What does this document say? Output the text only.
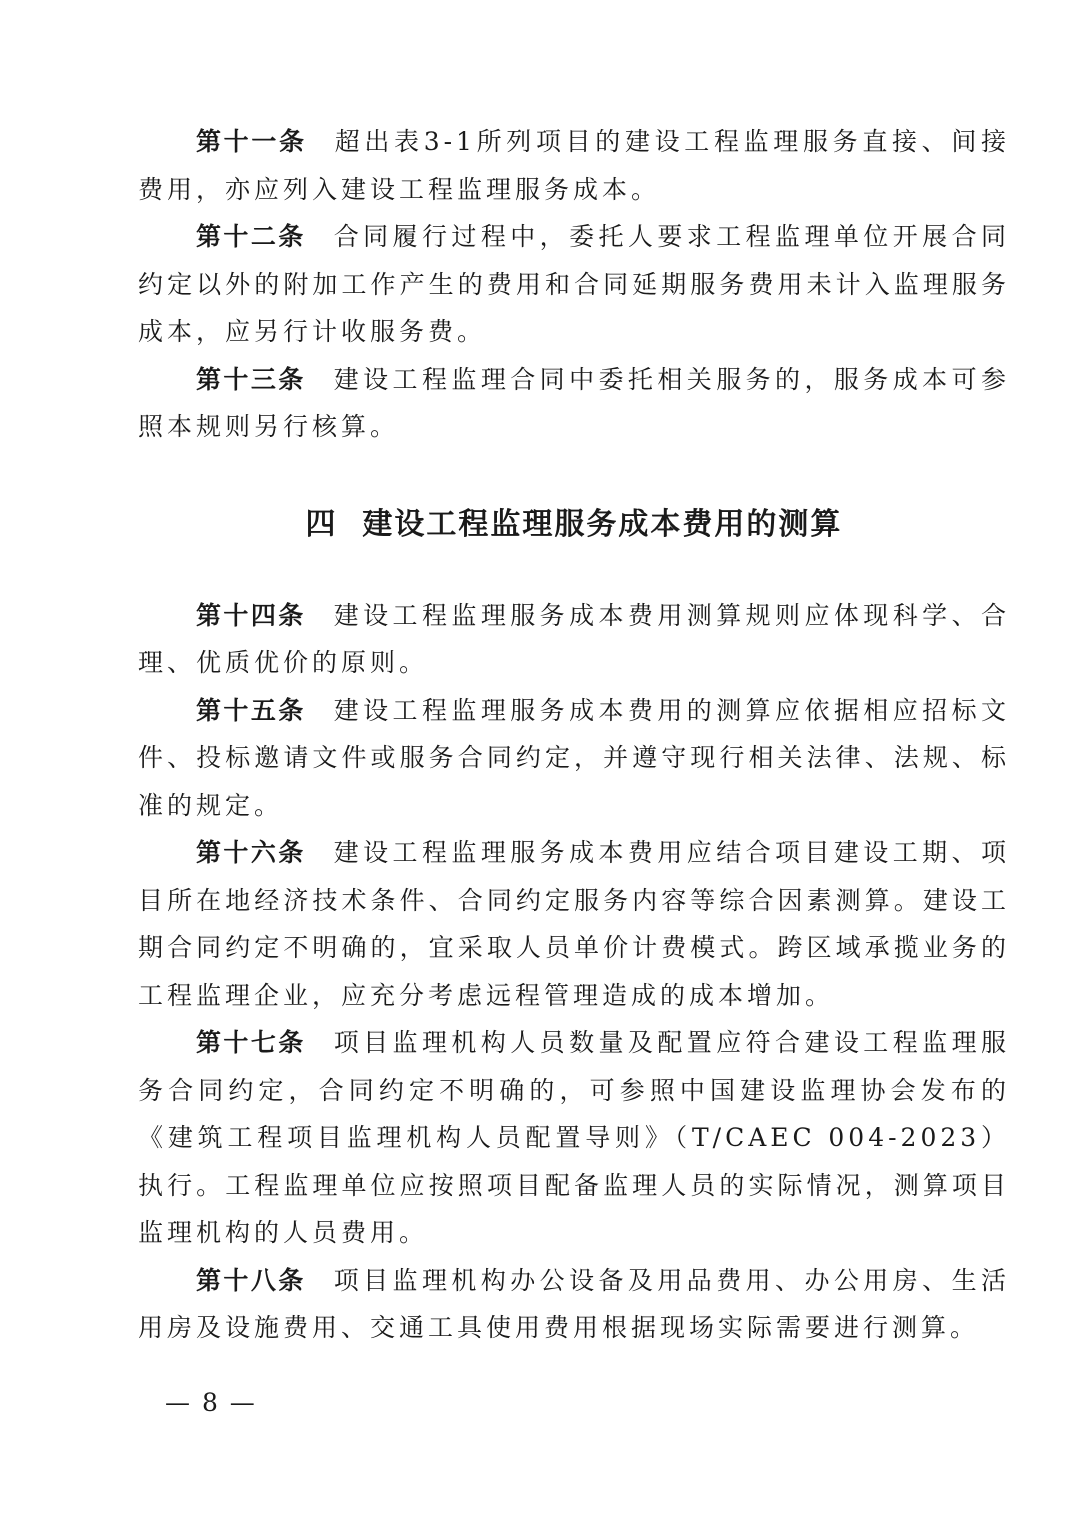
第十一条 超出表3-1所列项目的建设工程监理服务直接、间接费用，亦应列入建设工程监理服务成本。

第十二条 合同履行过程中，委托人要求工程监理单位开展合同约定以外的附加工作产生的费用和合同延期服务费用未计入监理服务成本，应另行计收服务费。

第十三条 建设工程监理合同中委托相关服务的，服务成本可参照本规则另行核算。

四  建设工程监理服务成本费用的测算

第十四条 建设工程监理服务成本费用测算规则应体现科学、合理、优质优价的原则。

第十五条 建设工程监理服务成本费用的测算应依据相应招标文件、投标邀请文件或服务合同约定，并遵守现行相关法律、法规、标准的规定。

第十六条 建设工程监理服务成本费用应结合项目建设工期、项目所在地经济技术条件、合同约定服务内容等综合因素测算。建设工期合同约定不明确的，宜采取人员单价计费模式。跨区域承揽业务的工程监理企业，应充分考虑远程管理造成的成本增加。

第十七条 项目监理机构人员数量及配置应符合建设工程监理服务合同约定，合同约定不明确的，可参照中国建设监理协会发布的《建筑工程项目监理机构人员配置导则》（T/CAEC 004-2023）执行。工程监理单位应按照项目配备监理人员的实际情况，测算项目监理机构的人员费用。

第十八条 项目监理机构办公设备及用品费用、办公用房、生活用房及设施费用、交通工具使用费用根据现场实际需要进行测算。

— 8 —
